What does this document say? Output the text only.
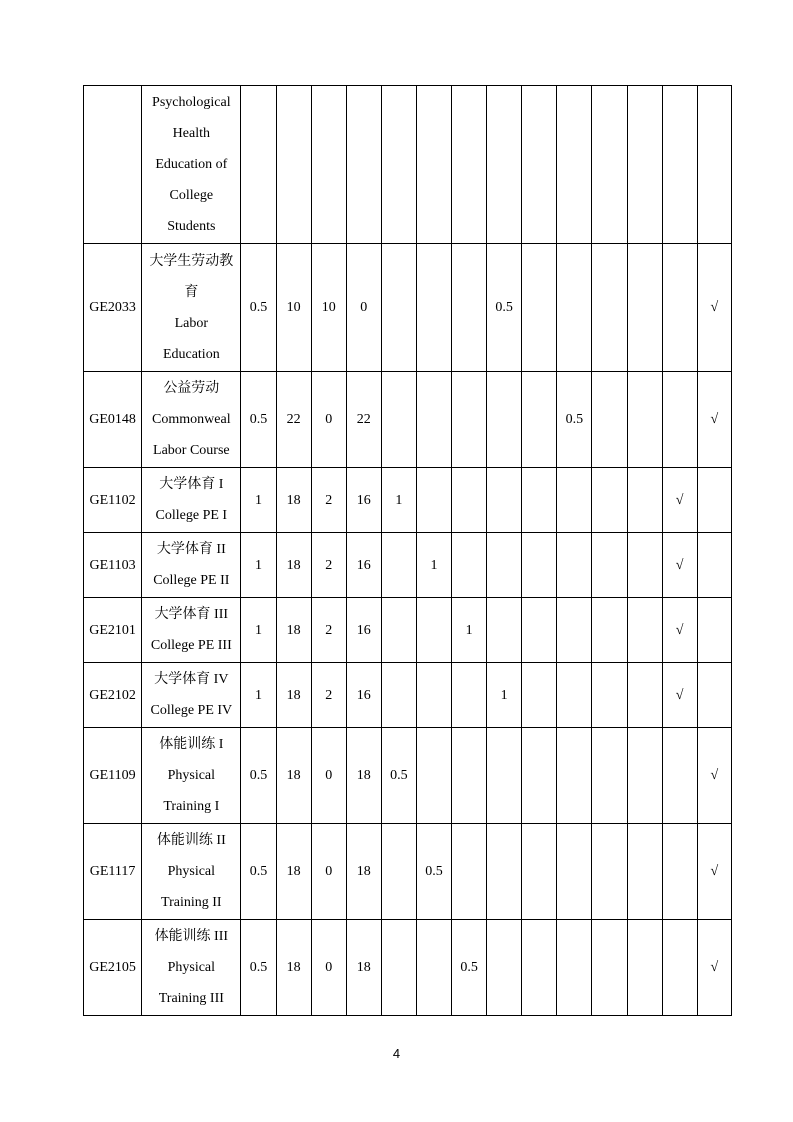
	Psychological
Health
Education of
College
Students														

GE2033	大学生劳动教
育
Labor
Education	0.5	10	10	0				0.5						√
GE0148	公益劳动
Commonweal
Labor Course	0.5	22	0	22						0.5				√
GE1102	大学体育 I
College PE I	1	18	2	16	1								√	
GE1103	大学体育 II
College PE II	1	18	2	16		1							√	
GE2101	大学体育 III
College PE III	1	18	2	16			1						√	
GE2102	大学体育 IV
College PE IV	1	18	2	16				1					√	
GE1109	体能训练 I
Physical
Training I	0.5	18	0	18	0.5									√
GE1117	体能训练 II
Physical
Training II	0.5	18	0	18		0.5								√
GE2105	体能训练 III
Physical
Training III	0.5	18	0	18			0.5							√
4
